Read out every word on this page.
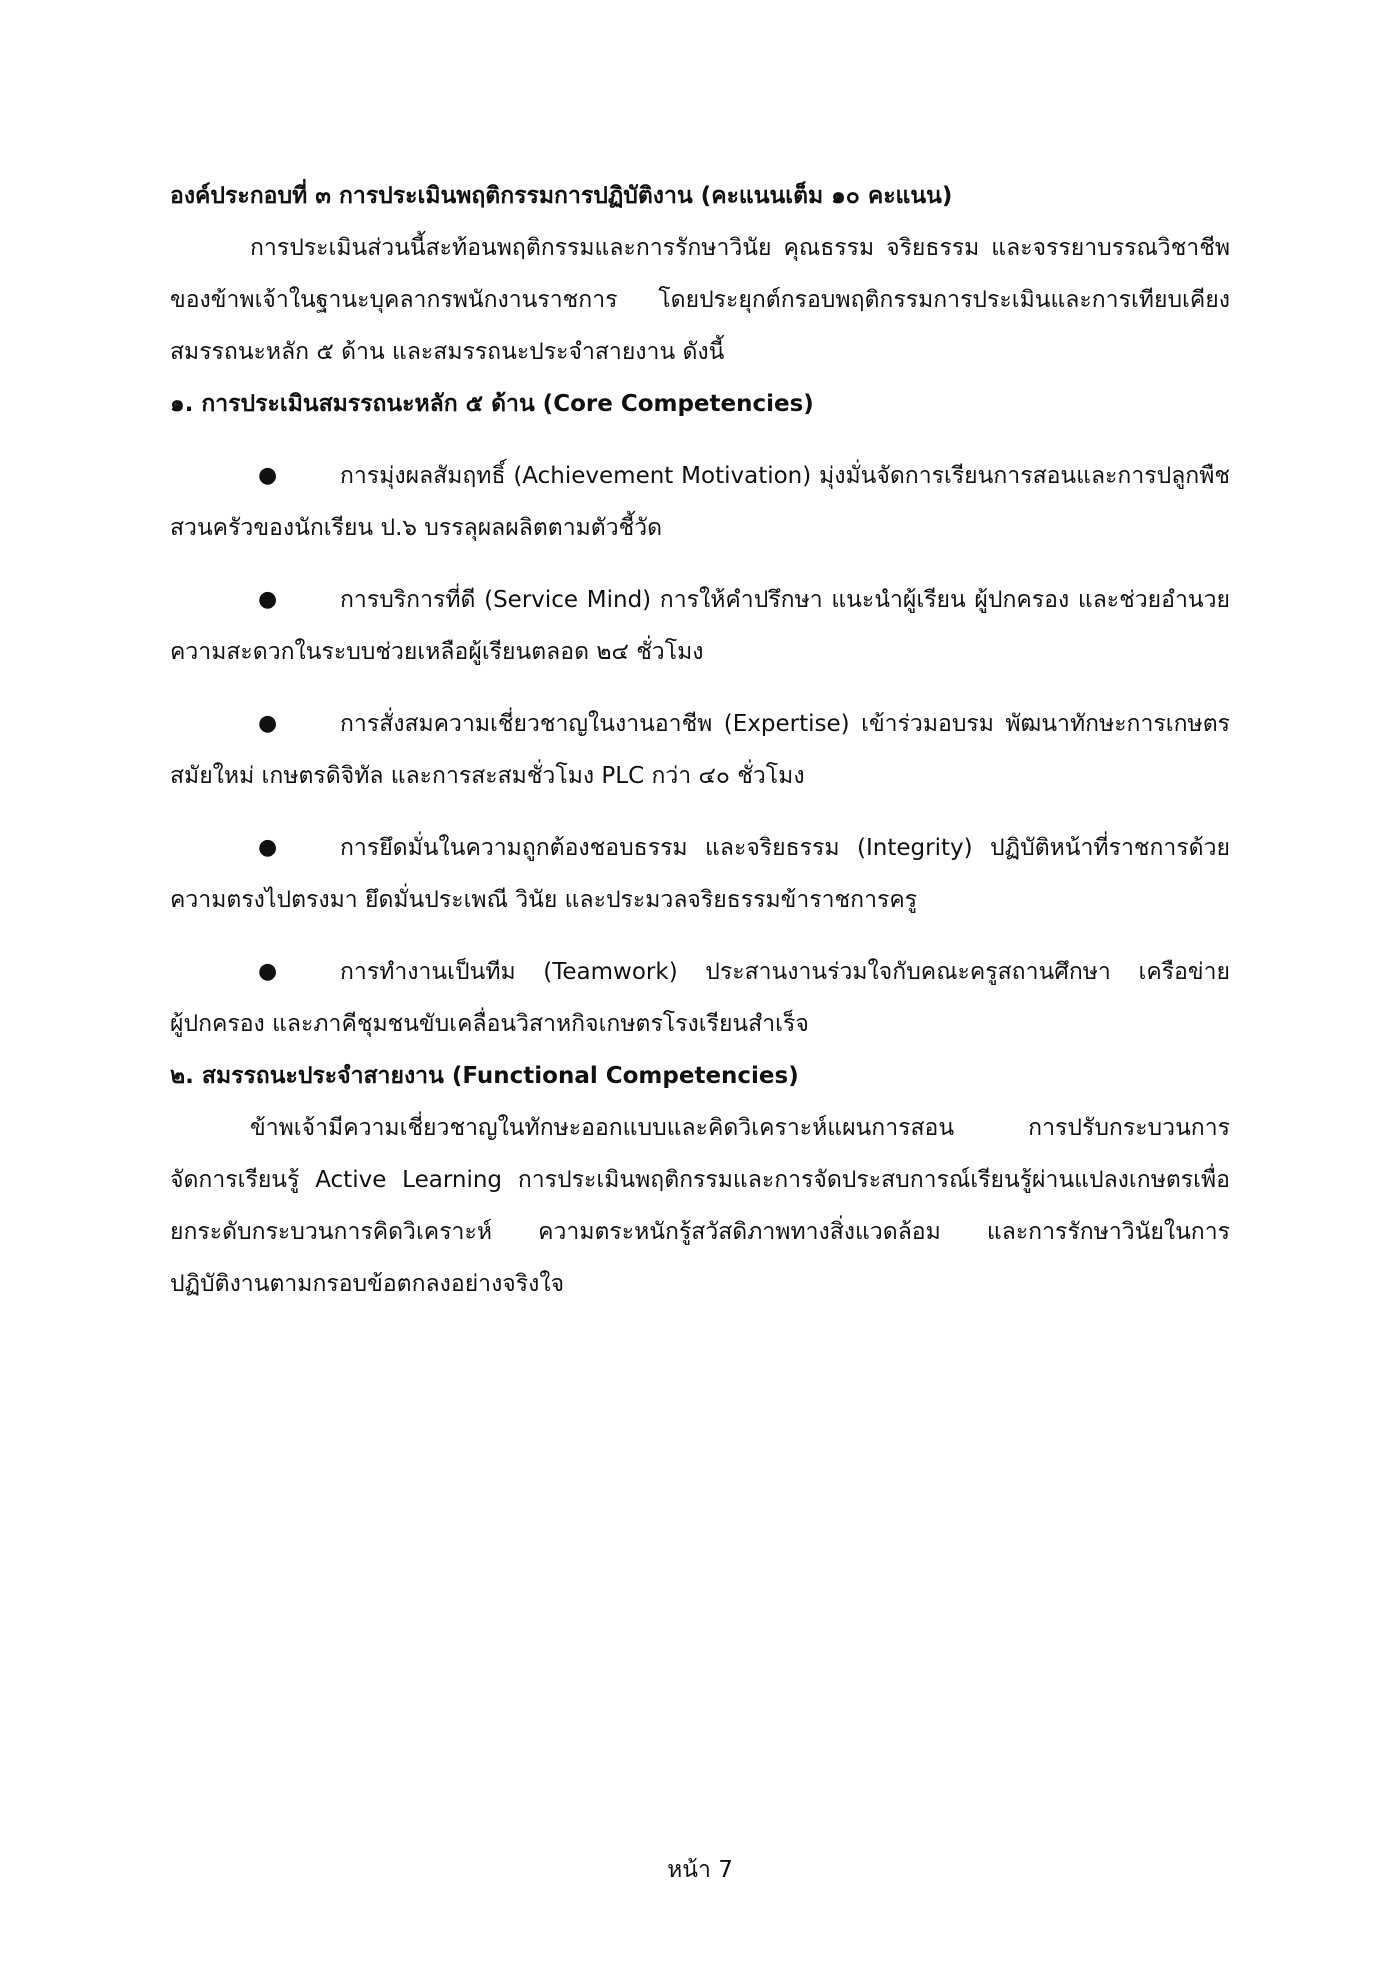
องค์ประกอบที่ ๓ การประเมินพฤติกรรมการปฏิบัติงาน (คะแนนเต็ม ๑๐ คะแนน)
การประเมินส่วนนี้สะท้อนพฤติกรรมและการรักษาวินัย คุณธรรม จริยธรรม และจรรยาบรรณวิชาชีพ
ของข้าพเจ้าในฐานะบุคลากรพนักงานราชการ โดยประยุกต์กรอบพฤติกรรมการประเมินและการเทียบเคียง
สมรรถนะหลัก ๕ ด้าน และสมรรถนะประจำสายงาน ดังนี้
๑. การประเมินสมรรถนะหลัก ๕ ด้าน (Core Competencies)
●	การมุ่งผลสัมฤทธิ์ (Achievement Motivation) มุ่งมั่นจัดการเรียนการสอนและการปลูกพืช
สวนครัวของนักเรียน ป.๖ บรรลุผลผลิตตามตัวชี้วัด
●	การบริการที่ดี (Service Mind) การให้คำปรึกษา แนะนำผู้เรียน ผู้ปกครอง และช่วยอำนวย
ความสะดวกในระบบช่วยเหลือผู้เรียนตลอด ๒๔ ชั่วโมง
●	การสั่งสมความเชี่ยวชาญในงานอาชีพ (Expertise) เข้าร่วมอบรม พัฒนาทักษะการเกษตร
สมัยใหม่ เกษตรดิจิทัล และการสะสมชั่วโมง PLC กว่า ๔๐ ชั่วโมง
●	การยึดมั่นในความถูกต้องชอบธรรม และจริยธรรม (Integrity) ปฏิบัติหน้าที่ราชการด้วย
ความตรงไปตรงมา ยึดมั่นประเพณี วินัย และประมวลจริยธรรมข้าราชการครู
●	การทำงานเป็นทีม (Teamwork) ประสานงานร่วมใจกับคณะครูสถานศึกษา เครือข่าย
ผู้ปกครอง และภาคีชุมชนขับเคลื่อนวิสาหกิจเกษตรโรงเรียนสำเร็จ
๒. สมรรถนะประจำสายงาน (Functional Competencies)
ข้าพเจ้ามีความเชี่ยวชาญในทักษะออกแบบและคิดวิเคราะห์แผนการสอน การปรับกระบวนการ
จัดการเรียนรู้ Active Learning การประเมินพฤติกรรมและการจัดประสบการณ์เรียนรู้ผ่านแปลงเกษตรเพื่อ
ยกระดับกระบวนการคิดวิเคราะห์ ความตระหนักรู้สวัสดิภาพทางสิ่งแวดล้อม และการรักษาวินัยในการ
ปฏิบัติงานตามกรอบข้อตกลงอย่างจริงใจ
หน้า 7
